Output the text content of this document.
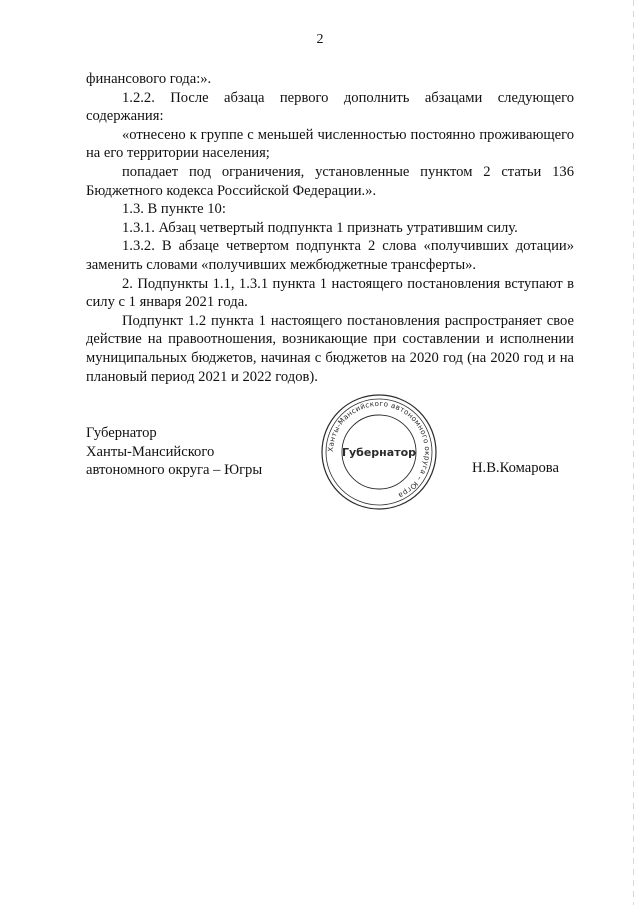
2

финансового года:».

1.2.2. После абзаца первого дополнить абзацами следующего содержания:

«отнесено к группе с меньшей численностью постоянно проживающего на его территории населения;

попадает под ограничения, установленные пунктом 2 статьи 136 Бюджетного кодекса Российской Федерации.».

1.3. В пункте 10:

1.3.1. Абзац четвертый подпункта 1 признать утратившим силу.

1.3.2. В абзаце четвертом подпункта 2 слова «получивших дотации» заменить словами «получивших межбюджетные трансферты».

2. Подпункты 1.1, 1.3.1 пункта 1 настоящего постановления вступают в силу с 1 января 2021 года.

Подпункт 1.2 пункта 1 настоящего постановления распространяет свое действие на правоотношения, возникающие при составлении и исполнении муниципальных бюджетов, начиная с бюджетов на 2020 год (на 2020 год и на плановый период 2021 и 2022 годов).

Губернатор
Ханты-Мансийского
автономного округа – Югры
Ханты-Мансийского автономного округа – Югра
Губернатор
Н.В.Комарова
